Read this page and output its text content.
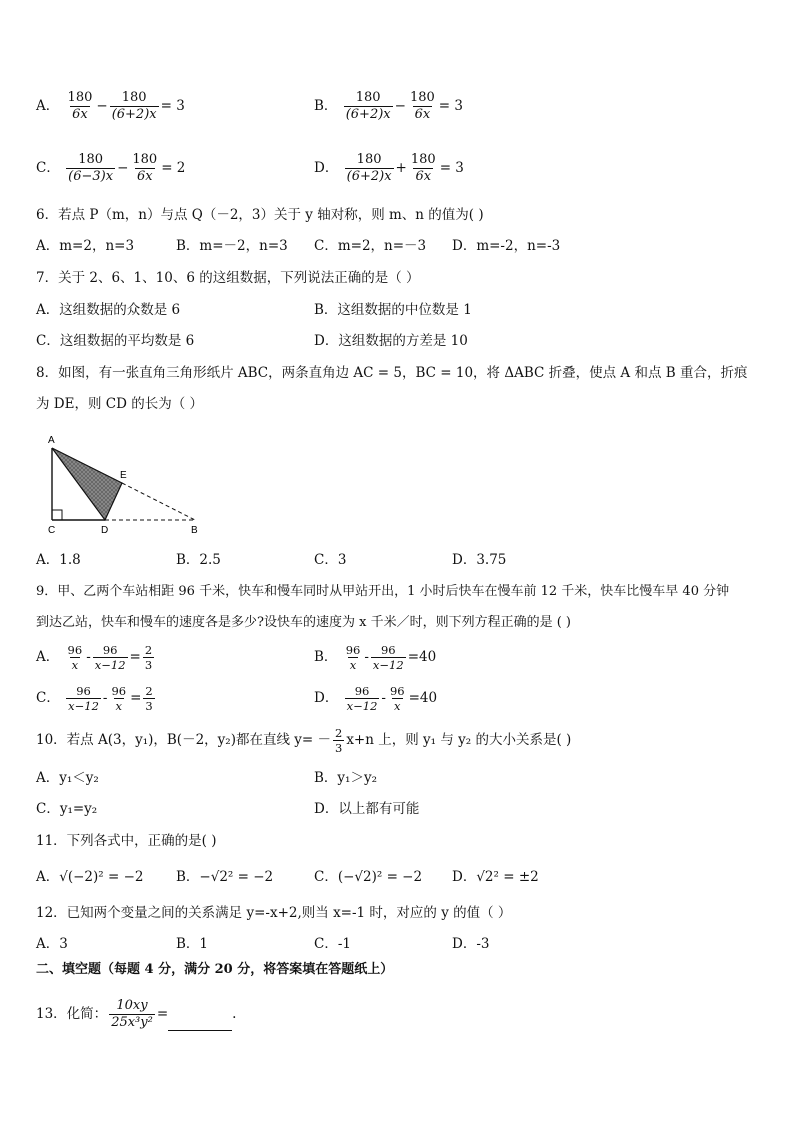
A． $\frac{180}{6x} - \frac{180}{(6+2)x} = 3$	B． $\frac{180}{(6+2)x} - \frac{180}{6x} = 3$
C． $\frac{180}{(6-3)x} - \frac{180}{6x} = 2$	D． $\frac{180}{(6+2)x} + \frac{180}{6x} = 3$
6．若点 P（m，n）与点 Q（－2，3）关于 y 轴对称，则 m、n 的值为( )
A．m=2，n=3	B．m=－2，n=3 C．m=2，n=－3 D．m=-2，n=-3
7．关于 2、6、1、10、6 的这组数据，下列说法正确的是（ ）
A．这组数据的众数是 6	B．这组数据的中位数是 1
C．这组数据的平均数是 6	D．这组数据的方差是 10
8．如图，有一张直角三角形纸片 ABC，两条直角边 AC = 5，BC = 10，将 ΔABC 折叠，使点 A 和点 B 重合，折痕
为 DE，则 CD 的长为（ ）
A
E
C	D	B
A．1.8	B．2.5	C．3	D．3.75
9．甲、乙两个车站相距 96 千米，快车和慢车同时从甲站开出，1 小时后快车在慢车前 12 千米，快车比慢车早 40 分钟
到达乙站，快车和慢车的速度各是多少?设快车的速度为 x 千米／时，则下列方程正确的是 ( )
A． $\frac{96}{x} - \frac{96}{x-12} = \frac{2}{3}$	B． $\frac{96}{x} - \frac{96}{x-12} =40$
C． $\frac{96}{x-12} - \frac{96}{x} = \frac{2}{3}$	D． $\frac{96}{x-12} - \frac{96}{x} =40$
10．若点 A(3，y₁)，B(－2，y₂)都在直线 $y= - \frac{2}{3} x+n$ 上，则 y₁ 与 y₂ 的大小关系是( )
A．y₁＜y₂	B．y₁＞y₂
C．y₁=y₂	D．以上都有可能
11．下列各式中，正确的是( )
A．√(−2)² = −2 B．−√2² = −2	C．(−√2)² = −2 D．√2² = ±2
12．已知两个变量之间的关系满足 y=-x+2,则当 x=-1 时，对应的 y 的值（ ）
A．3	B．1	C．-1	D．-3
二、填空题（每题 4 分，满分 20 分，将答案填在答题纸上）
13．化简： $\frac{10xy}{\text{25x³y²}}$ =	.
